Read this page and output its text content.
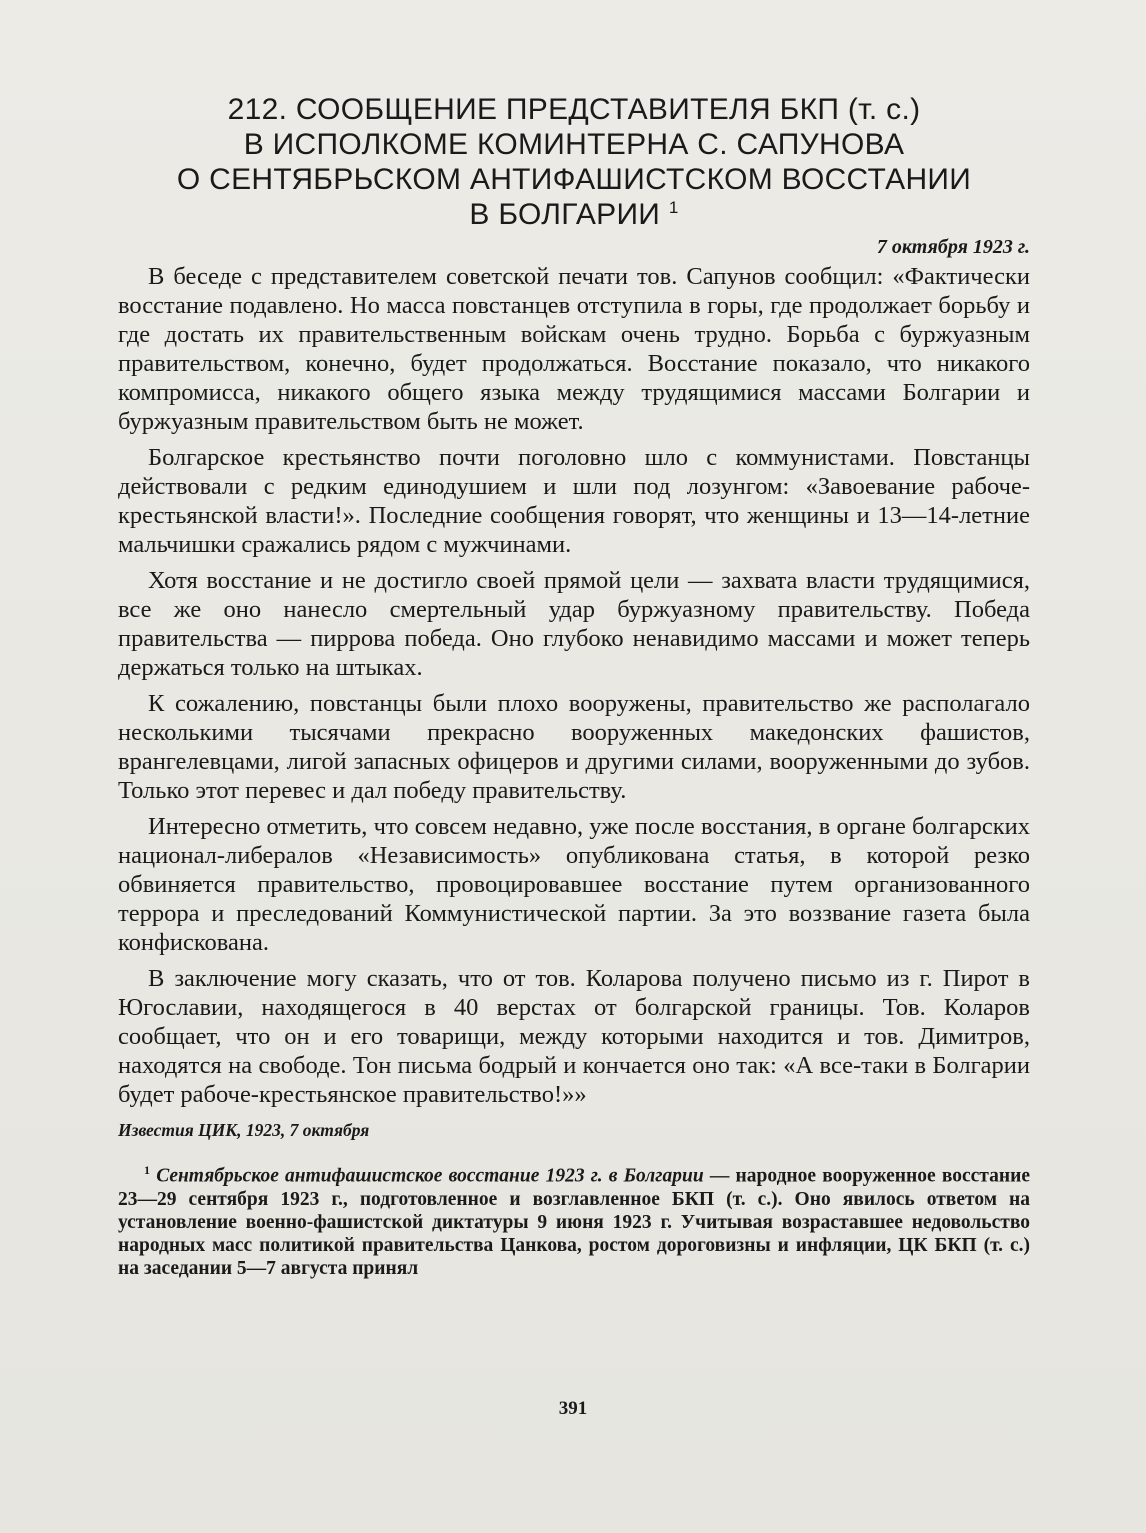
212. СООБЩЕНИЕ ПРЕДСТАВИТЕЛЯ БКП (т. с.)
В ИСПОЛКОМЕ КОМИНТЕРНА С. САПУНОВА
О СЕНТЯБРЬСКОМ АНТИФАШИСТСКОМ ВОССТАНИИ
В БОЛГАРИИ $^1$
7 октября 1923 г.

В беседе с представителем советской печати тов. Сапунов сообщил: «Фактически восстание подавлено. Но масса повстанцев отступила в горы, где продолжает борьбу и где достать их правительственным войскам очень трудно. Борьба с буржуазным правительством, конечно, будет продолжаться. Восстание показало, что никакого компромисса, никакого общего языка между трудящимися массами Болгарии и буржуазным правительством быть не может.

Болгарское крестьянство почти поголовно шло с коммунистами. Повстанцы действовали с редким единодушием и шли под лозунгом: «Завоевание рабоче-крестьянской власти!». Последние сообщения говорят, что женщины и 13—14-летние мальчишки сражались рядом с мужчинами.

Хотя восстание и не достигло своей прямой цели — захвата власти трудящимися, все же оно нанесло смертельный удар буржуазному правительству. Победа правительства — пиррова победа. Оно глубоко ненавидимо массами и может теперь держаться только на штыках.

К сожалению, повстанцы были плохо вооружены, правительство же располагало несколькими тысячами прекрасно вооруженных македонских фашистов, врангелевцами, лигой запасных офицеров и другими силами, вооруженными до зубов. Только этот перевес и дал победу правительству.

Интересно отметить, что совсем недавно, уже после восстания, в органе болгарских национал-либералов «Независимость» опубликована статья, в которой резко обвиняется правительство, провоцировавшее восстание путем организованного террора и преследований Коммунистической партии. За это воззвание газета была конфискована.

В заключение могу сказать, что от тов. Коларова получено письмо из г. Пирот в Югославии, находящегося в 40 верстах от болгарской границы. Тов. Коларов сообщает, что он и его товарищи, между которыми находится и тов. Димитров, находятся на свободе. Тон письма бодрый и кончается оно так: «А все-таки в Болгарии будет рабоче-крестьянское правительство!»»

Известия ЦИК, 1923, 7 октября
$^1$ Сентябрьское антифашистское восстание 1923 г. в Болгарии — народное вооруженное восстание 23—29 сентября 1923 г., подготовленное и возглавленное БКП (т. с.). Оно явилось ответом на установление военно-фашистской диктатуры 9 июня 1923 г. Учитывая возраставшее недовольство народных масс политикой правительства Цанкова, ростом дороговизны и инфляции, ЦК БКП (т. с.) на заседании 5—7 августа принял
391
